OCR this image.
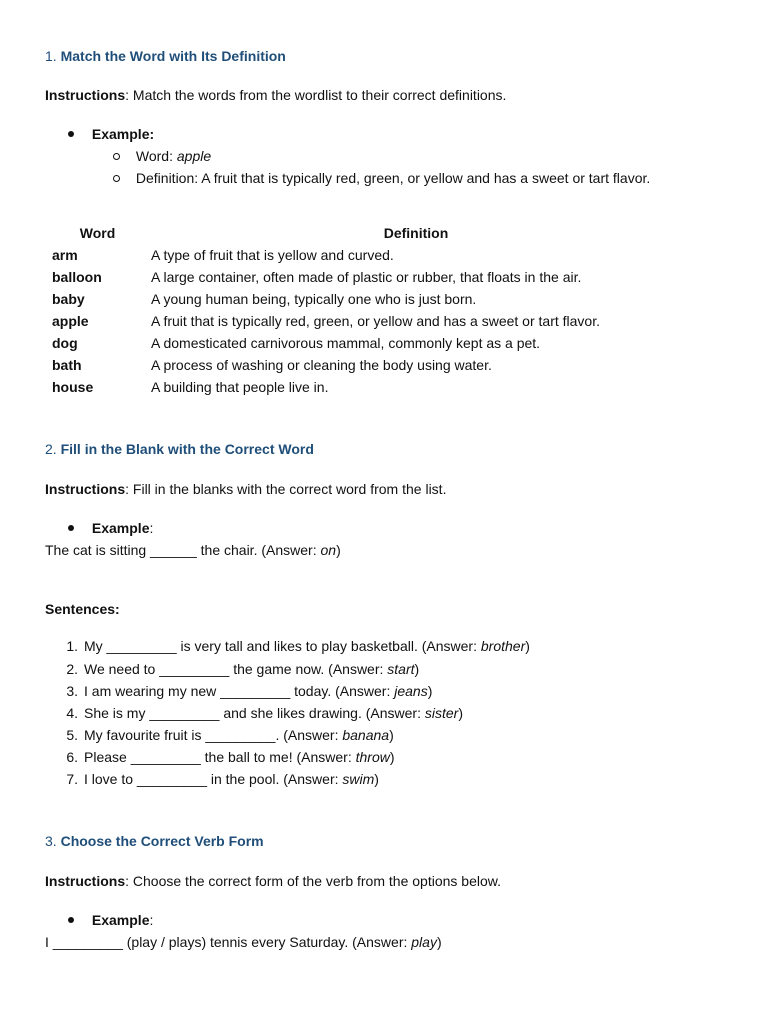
1. Match the Word with Its Definition
Instructions: Match the words from the wordlist to their correct definitions.
Example:
Word: apple
Definition: A fruit that is typically red, green, or yellow and has a sweet or tart flavor.
Word	Definition
arm	A type of fruit that is yellow and curved.
balloon	A large container, often made of plastic or rubber, that floats in the air.
baby	A young human being, typically one who is just born.
apple	A fruit that is typically red, green, or yellow and has a sweet or tart flavor.
dog	A domesticated carnivorous mammal, commonly kept as a pet.
bath	A process of washing or cleaning the body using water.
house	A building that people live in.
2. Fill in the Blank with the Correct Word
Instructions: Fill in the blanks with the correct word from the list.
Example:
The cat is sitting ______ the chair. (Answer: on)
Sentences:
1. My _________ is very tall and likes to play basketball. (Answer: brother)
2. We need to _________ the game now. (Answer: start)
3. I am wearing my new _________ today. (Answer: jeans)
4. She is my _________ and she likes drawing. (Answer: sister)
5. My favourite fruit is _________. (Answer: banana)
6. Please _________ the ball to me! (Answer: throw)
7. I love to _________ in the pool. (Answer: swim)
3. Choose the Correct Verb Form
Instructions: Choose the correct form of the verb from the options below.
Example:
I _________ (play / plays) tennis every Saturday. (Answer: play)
